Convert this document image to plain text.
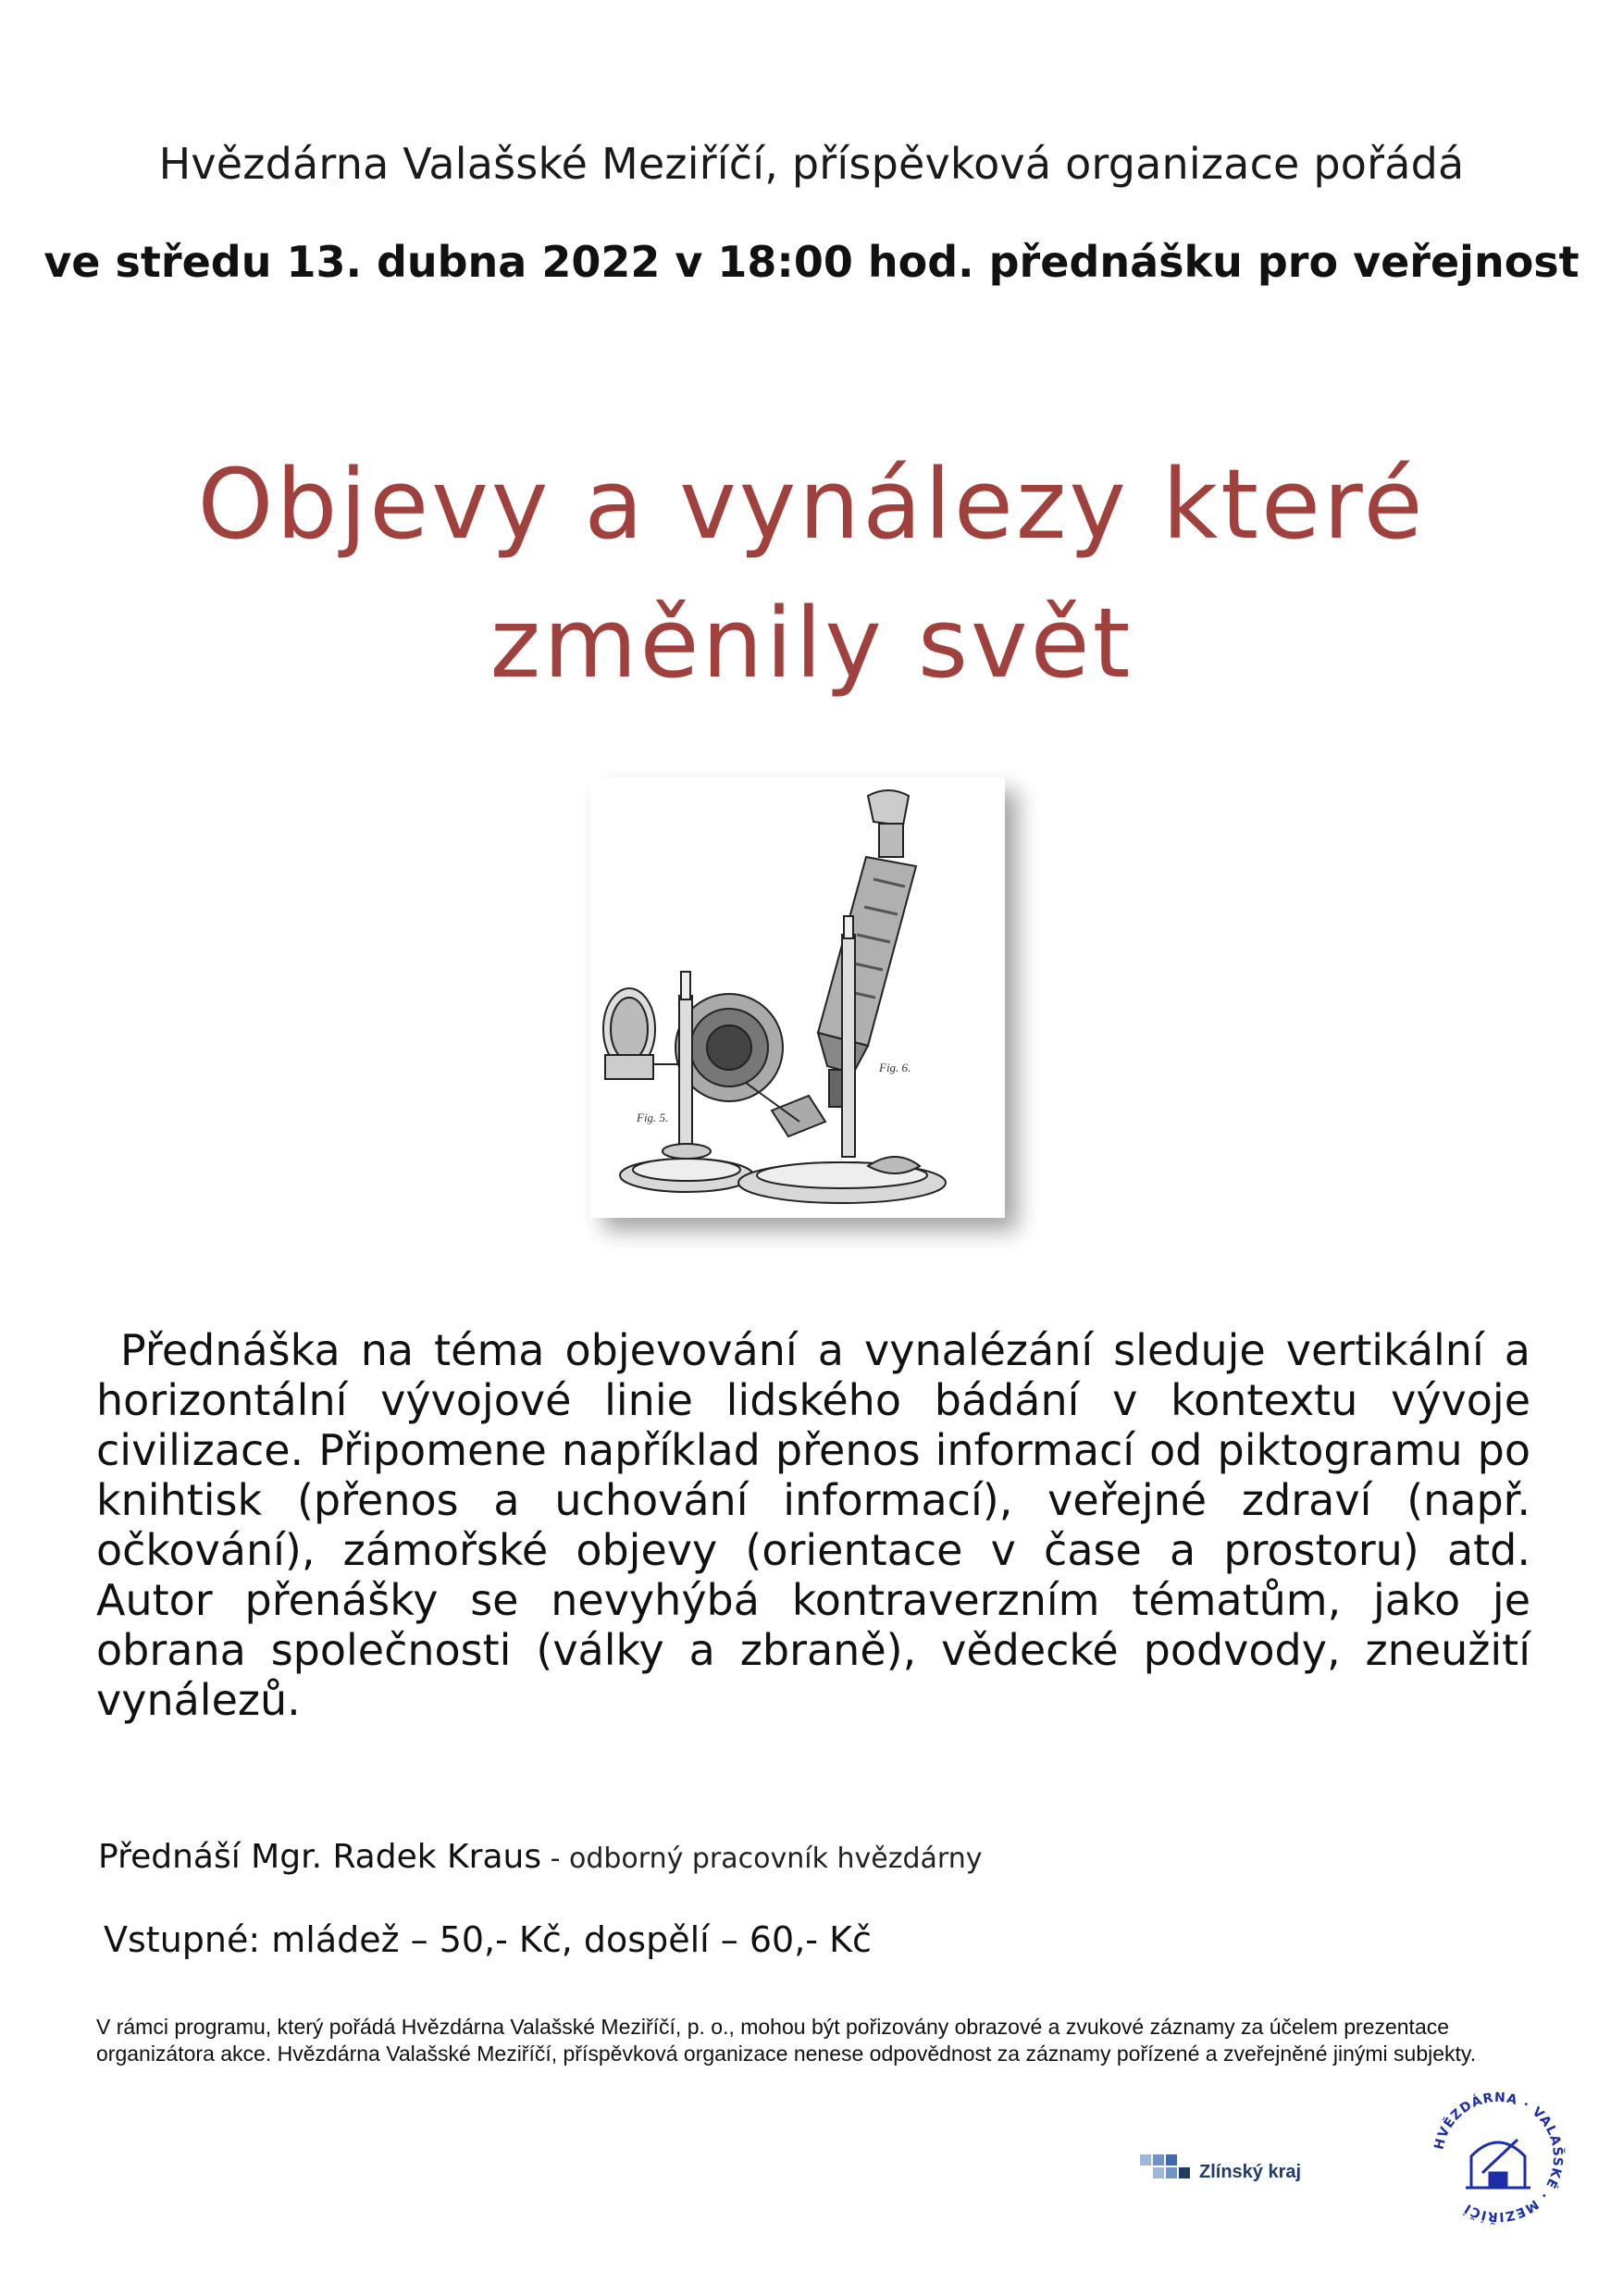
Hvězdárna Valašské Meziříčí, příspěvková organizace pořádá
ve středu 13. dubna 2022 v 18:00 hod. přednášku pro veřejnost
Objevy a vynálezy které
změnily svět
Fig. 5.
Fig. 6.
Přednáška na téma objevování a vynalézání sleduje vertikální a horizontální vývojové linie lidského bádání v kontextu vývoje civilizace. Připomene například přenos informací od piktogramu po knihtisk (přenos a uchování informací), veřejné zdraví (např. očkování), zámořské objevy (orientace v čase a prostoru) atd. Autor přenášky se nevyhýbá kontraverzním tématům, jako je obrana společnosti (války a zbraně), vědecké podvody, zneužití vynálezů.
Přednáší Mgr. Radek Kraus - odborný pracovník hvězdárny
Vstupné: mládež – 50,- Kč, dospělí – 60,- Kč
V rámci programu, který pořádá Hvězdárna Valašské Meziříčí, p. o., mohou být pořizovány obrazové a zvukové záznamy za účelem prezentace organizátora akce. Hvězdárna Valašské Meziříčí, příspěvková organizace nenese odpovědnost za záznamy pořízené a zveřejněné jinými subjekty.
Zlínský kraj
HVĚZDÁRNA · VALAŠSKÉ · MEZIŘÍČÍ
